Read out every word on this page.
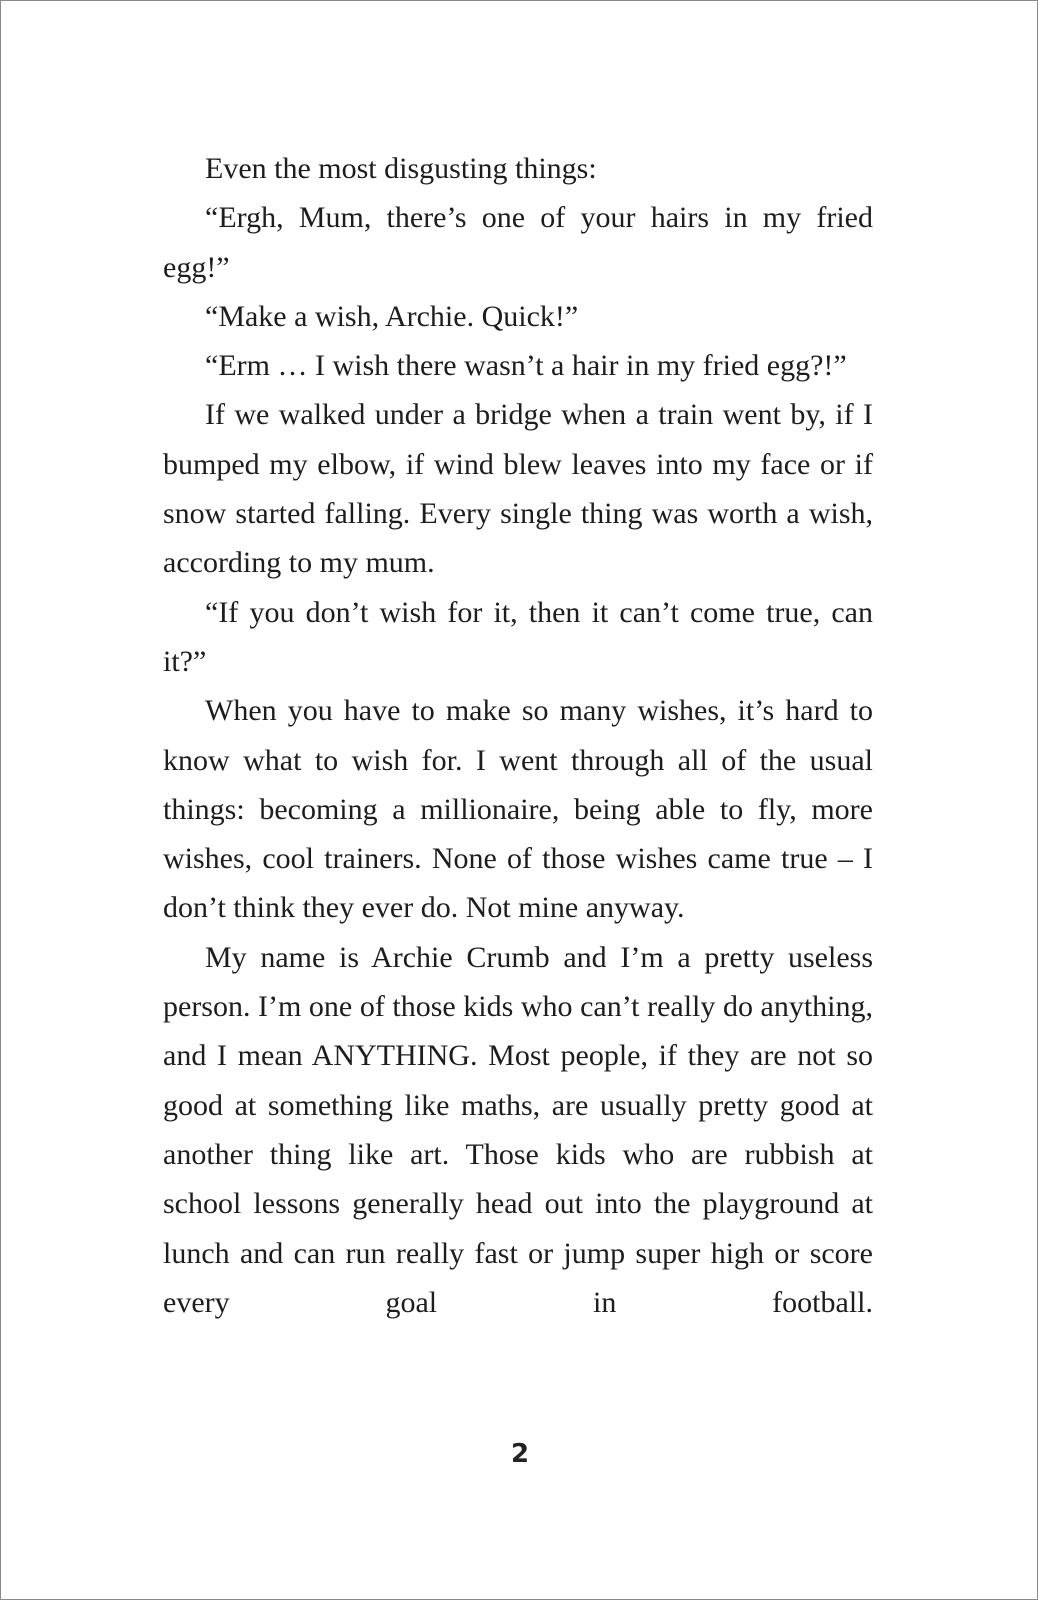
Even the most disgusting things:

“Ergh, Mum, there’s one of your hairs in my fried egg!”

“Make a wish, Archie. Quick!”

“Erm … I wish there wasn’t a hair in my fried egg?!”

If we walked under a bridge when a train went by, if I bumped my elbow, if wind blew leaves into my face or if snow started falling. Every single thing was worth a wish, according to my mum.

“If you don’t wish for it, then it can’t come true, can it?”

When you have to make so many wishes, it’s hard to know what to wish for. I went through all of the usual things: becoming a millionaire, being able to fly, more wishes, cool trainers. None of those wishes came true – I don’t think they ever do. Not mine anyway.

My name is Archie Crumb and I’m a pretty useless person. I’m one of those kids who can’t really do anything, and I mean ANYTHING. Most people, if they are not so good at something like maths, are usually pretty good at another thing like art. Those kids who are rubbish at school lessons generally head out into the playground at lunch and can run really fast or jump super high or score every goal in football.

2
